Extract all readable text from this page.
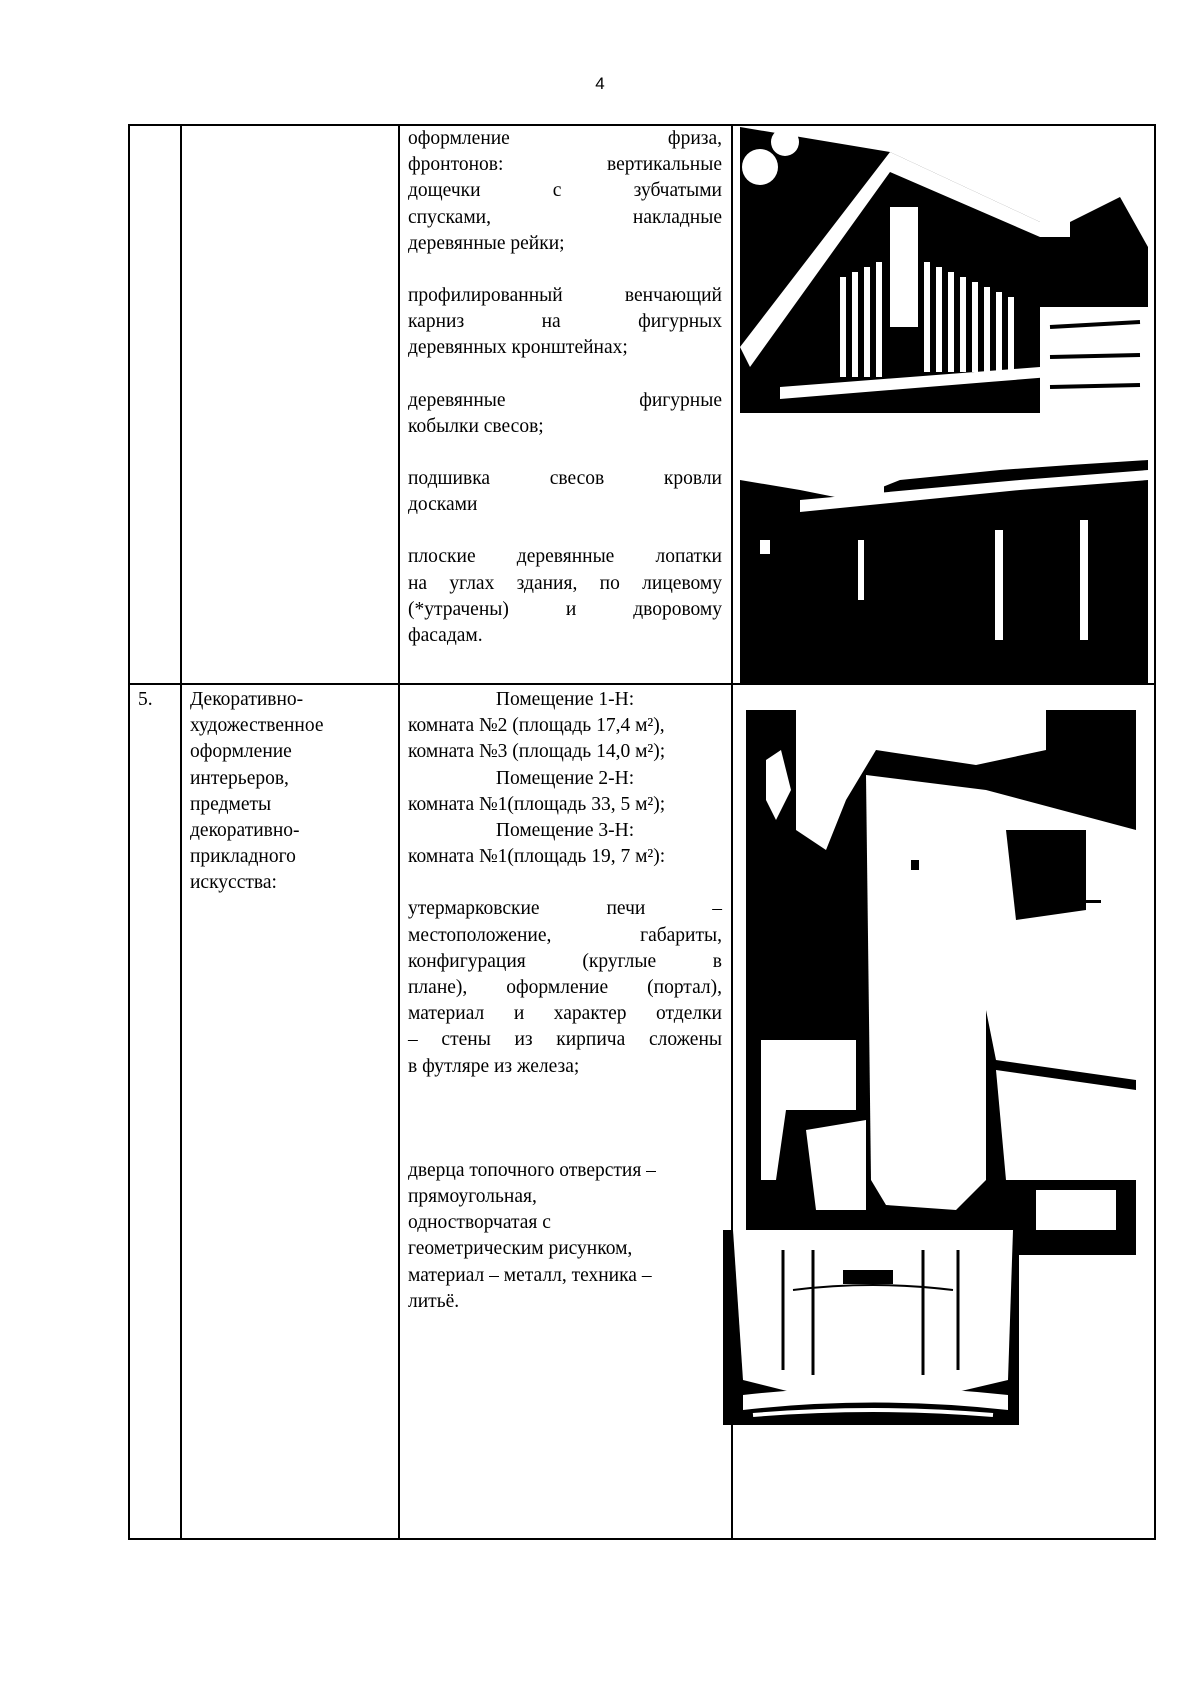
4

оформление фриза,

фронтонов: вертикальные

дощечки с зубчатыми

спусками, накладные

деревянные рейки;

профилированный венчающий

карниз на фигурных

деревянных кронштейнах;

деревянные фигурные

кобылки свесов;

подшивка свесов кровли

досками

плоские деревянные лопатки

на углах здания, по лицевому

(*утрачены) и дворовому

фасадам.

5. Декоративно-

художественное

оформление

интерьеров,

предметы

декоративно-

прикладного

искусства:

Помещение 1-Н:

комната №2 (площадь 17,4 м²),

комната №3 (площадь 14,0 м²);

Помещение 2-Н:

комната №1(площадь 33, 5 м²);

Помещение 3-Н:

комната №1(площадь 19, 7 м²):

утермарковские печи –

местоположение, габариты,

конфигурация (круглые в

плане), оформление (портал),

материал и характер отделки

– стены из кирпича сложены

в футляре из железа;

дверца топочного отверстия –

прямоугольная,

одностворчатая с

геометрическим рисунком,

материал – металл, техника –

литьё.
